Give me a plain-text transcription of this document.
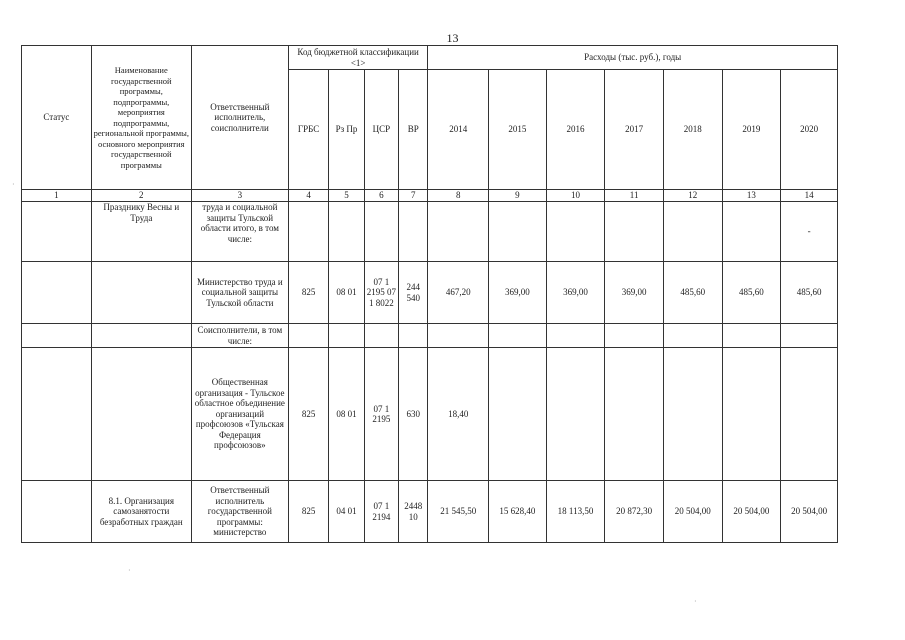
13
Статус	Наименование государственной программы, подпрограммы, мероприятия подпрограммы, региональной программы, основного мероприятия государственной программы	Ответственный исполнитель, соисполнители	Код бюджетной классификации <1>				Расходы (тыс. руб.), годы						
			ГРБС	Рз Пр	ЦСР	ВР	2014	2015	2016	2017	2018	2019	2020
1	2	3	4	5	6	7	8	9	10	11	12	13	14
	Празднику Весны и Труда	труда и социальной защиты Тульской области итого, в том числе:											-
		Министерство труда и социальной защиты Тульской области	825	08 01	07 1 2195 07 1 8022	244 540	467,20	369,00	369,00	369,00	485,60	485,60	485,60
		Соисполнители, в том числе:											
		Общественная организация - Тульское областное объединение организаций профсоюзов «Тульская Федерация профсоюзов»	825	08 01	07 1 2195	630	18,40						
	8.1. Организация самозанятости безработных граждан	Ответственный исполнитель государственной программы: министерство	825	04 01	07 1 2194	2448 10	21 545,50	15 628,40	18 113,50	20 872,30	20 504,00	20 504,00	20 504,00
·
·
·
